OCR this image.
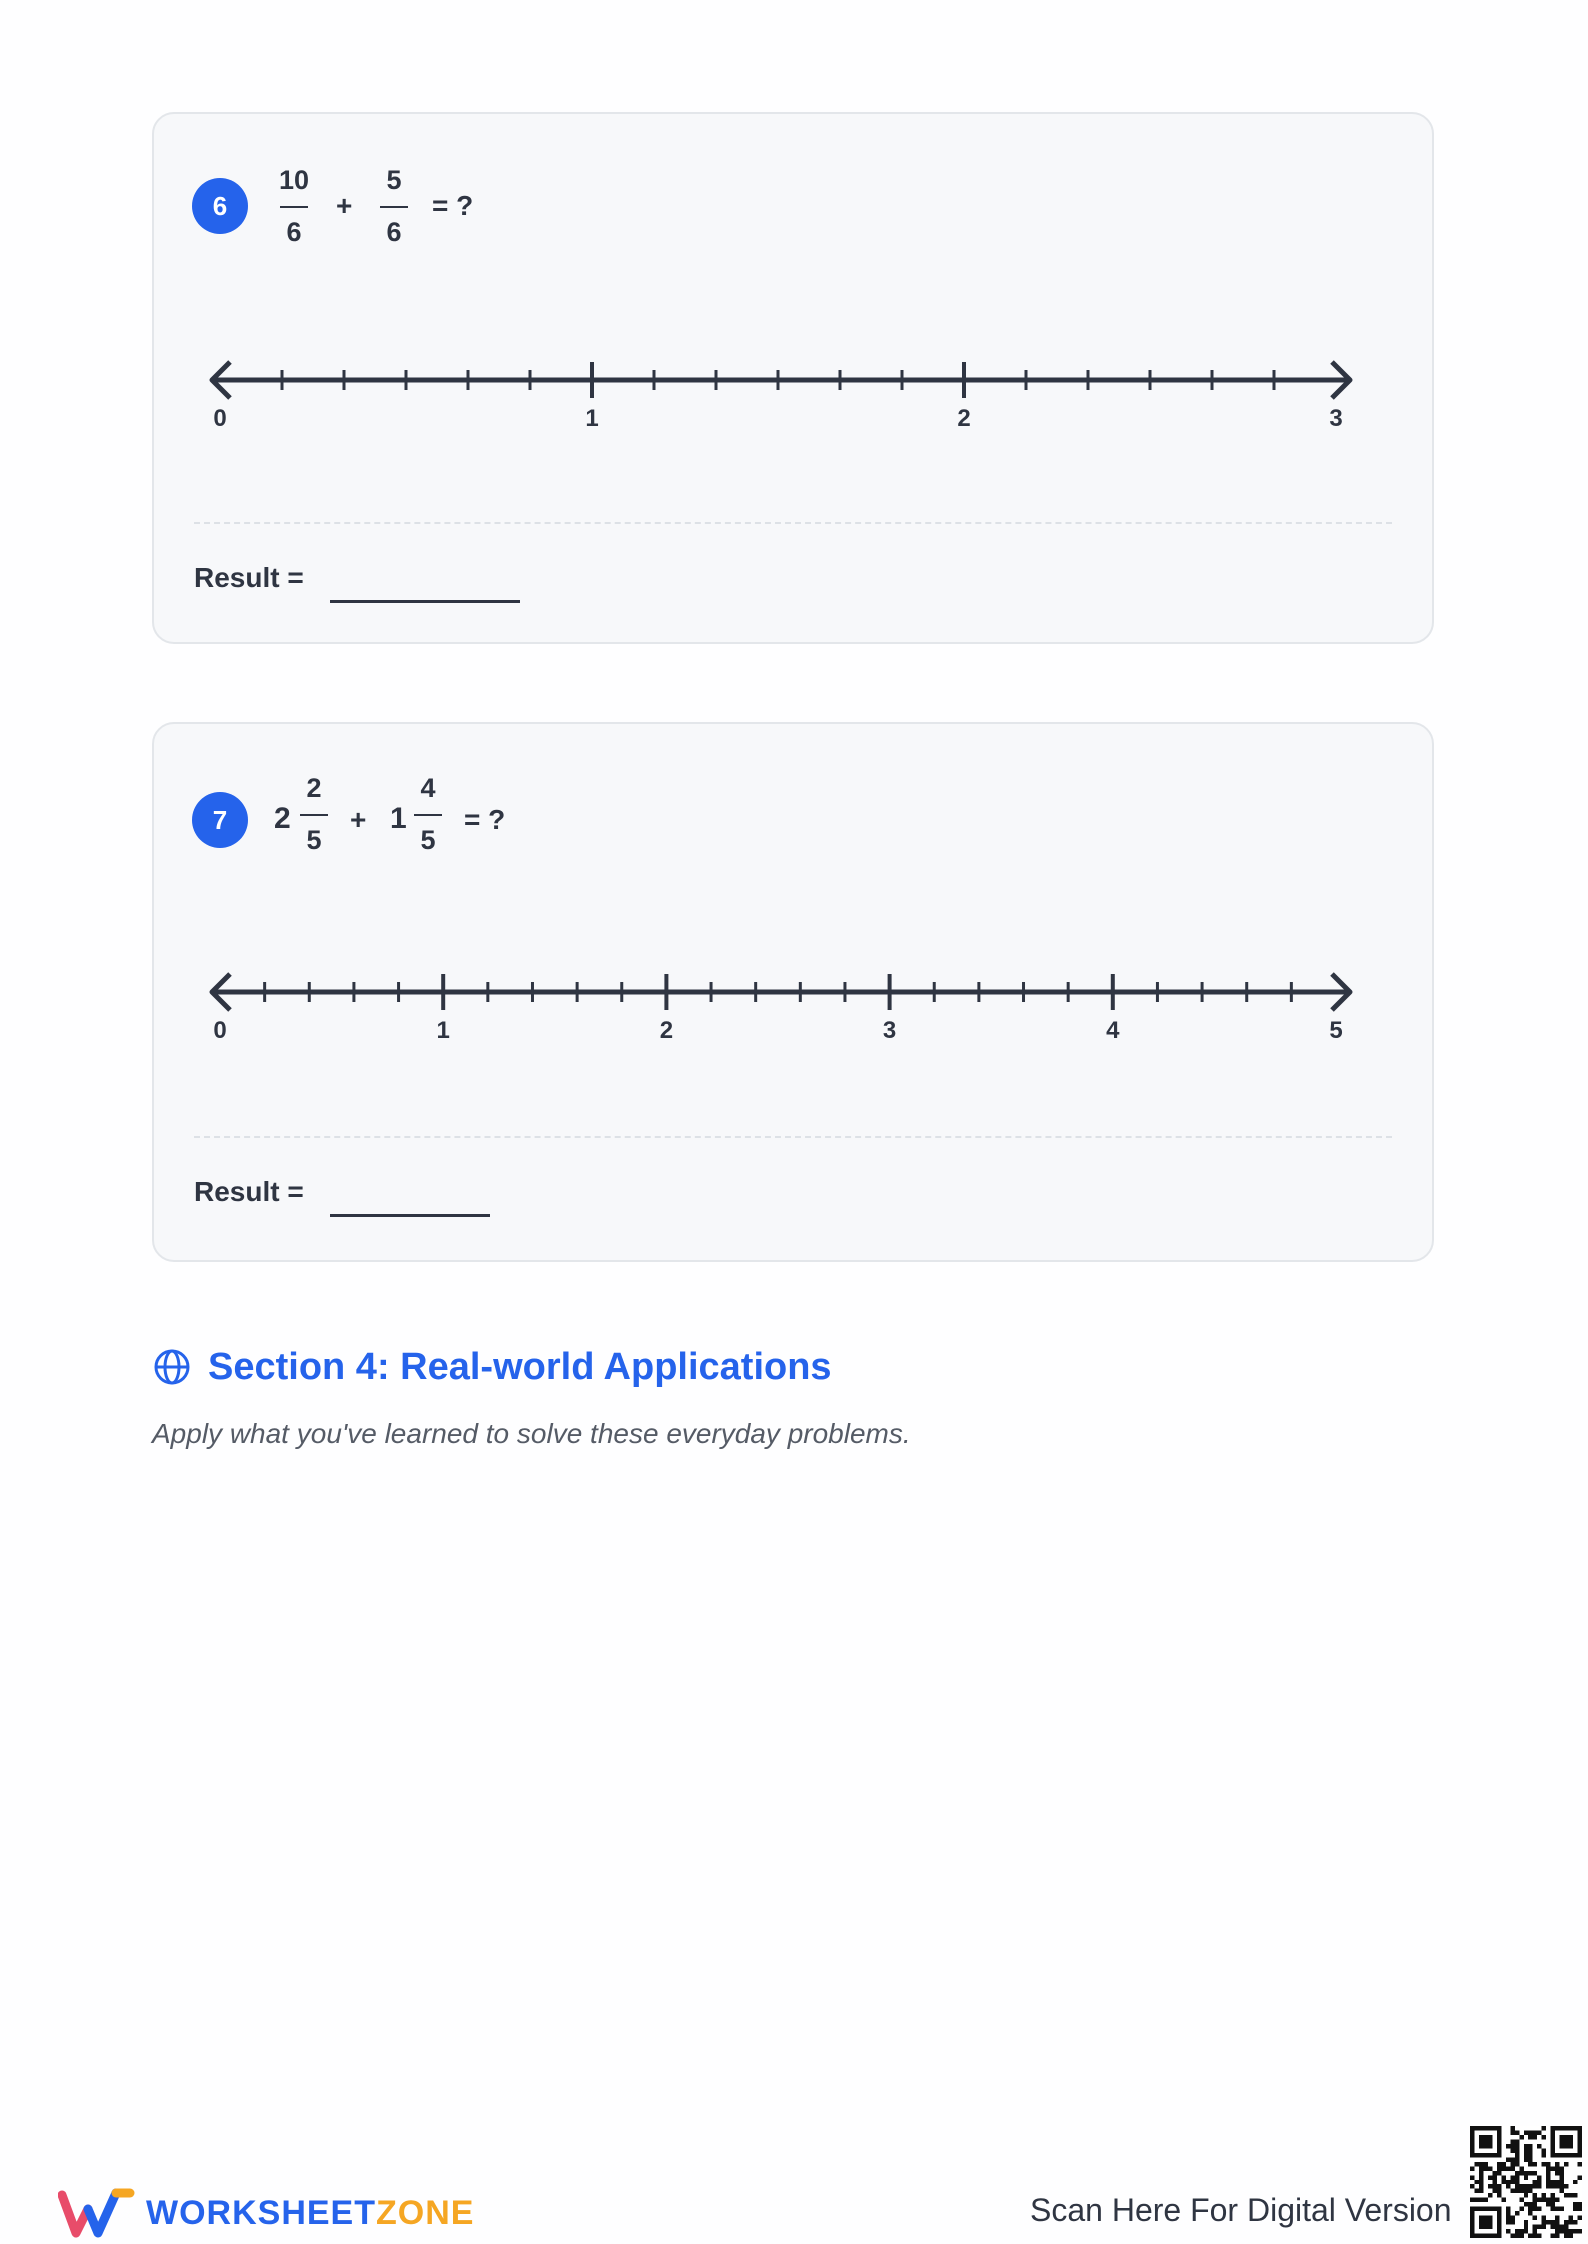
6
10
6
+
5
6
= ?
0	1	2	3
Result =
7	2
2
5
+ 1
4
5
= ?
0	1	2	3	4	5
Result =
Section 4: Real-world Applications
Apply what you've learned to solve these everyday problems.
WORKSHEETZONE	Scan Here For Digital Version
